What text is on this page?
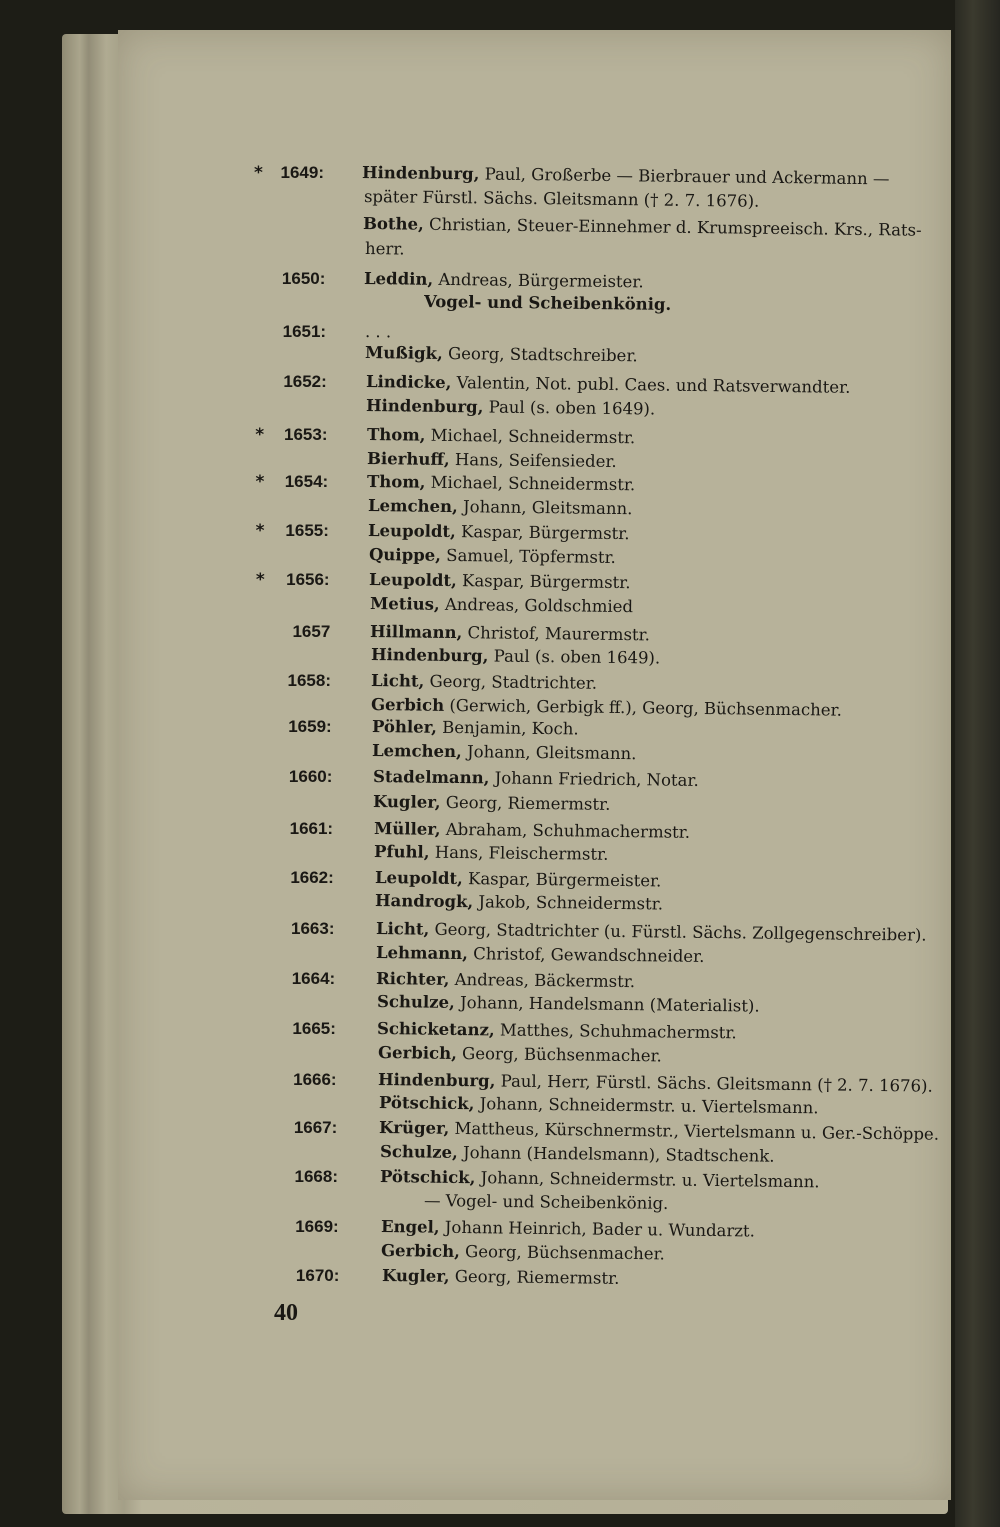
*	1649: Hindenburg, Paul, Großerbe — Bierbrauer und Ackermann —
später Fürstl. Sächs. Gleitsmann († 2. 7. 1676).
Bothe, Christian, Steuer-Einnehmer d. Krumspreeisch. Krs., Rats-
herr.
1650: Leddin, Andreas, Bürgermeister.
Vogel- und Scheibenkönig.
1651: . . .
Mußigk, Georg, Stadtschreiber.
1652: Lindicke, Valentin, Not. publ. Caes. und Ratsverwandter.
Hindenburg, Paul (s. oben 1649).
*	1653: Thom, Michael, Schneidermstr.
Bierhuff, Hans, Seifensieder.
*	1654: Thom, Michael, Schneidermstr.
Lemchen, Johann, Gleitsmann.
*	1655: Leupoldt, Kaspar, Bürgermstr.
Quippe, Samuel, Töpfermstr.
*	1656: Leupoldt, Kaspar, Bürgermstr.
Metius, Andreas, Goldschmied
1657 Hillmann, Christof, Maurermstr.
Hindenburg, Paul (s. oben 1649).
1658: Licht, Georg, Stadtrichter.
Gerbich (Gerwich, Gerbigk ff.), Georg, Büchsenmacher.
1659: Pöhler, Benjamin, Koch.
Lemchen, Johann, Gleitsmann.
1660: Stadelmann, Johann Friedrich, Notar.
Kugler, Georg, Riemermstr.
1661: Müller, Abraham, Schuhmachermstr.
Pfuhl, Hans, Fleischermstr.
1662: Leupoldt, Kaspar, Bürgermeister.
Handrogk, Jakob, Schneidermstr.
1663: Licht, Georg, Stadtrichter (u. Fürstl. Sächs. Zollgegenschreiber).
Lehmann, Christof, Gewandschneider.
1664: Richter, Andreas, Bäckermstr.
Schulze, Johann, Handelsmann (Materialist).
1665:	Schicketanz, Matthes, Schuhmachermstr.
Gerbich, Georg, Büchsenmacher.
1666:	Hindenburg, Paul, Herr, Fürstl. Sächs. Gleitsmann († 2. 7. 1676).
Pötschick, Johann, Schneidermstr. u. Viertelsmann.
1667:	Krüger, Mattheus, Kürschnermstr., Viertelsmann u. Ger.-Schöppe.
Schulze, Johann (Handelsmann), Stadtschenk.
1668:	Pötschick, Johann, Schneidermstr. u. Viertelsmann.
— Vogel- und Scheibenkönig.
1669:	Engel, Johann Heinrich, Bader u. Wundarzt.
Gerbich, Georg, Büchsenmacher.
1670:	Kugler, Georg, Riemermstr.
40
